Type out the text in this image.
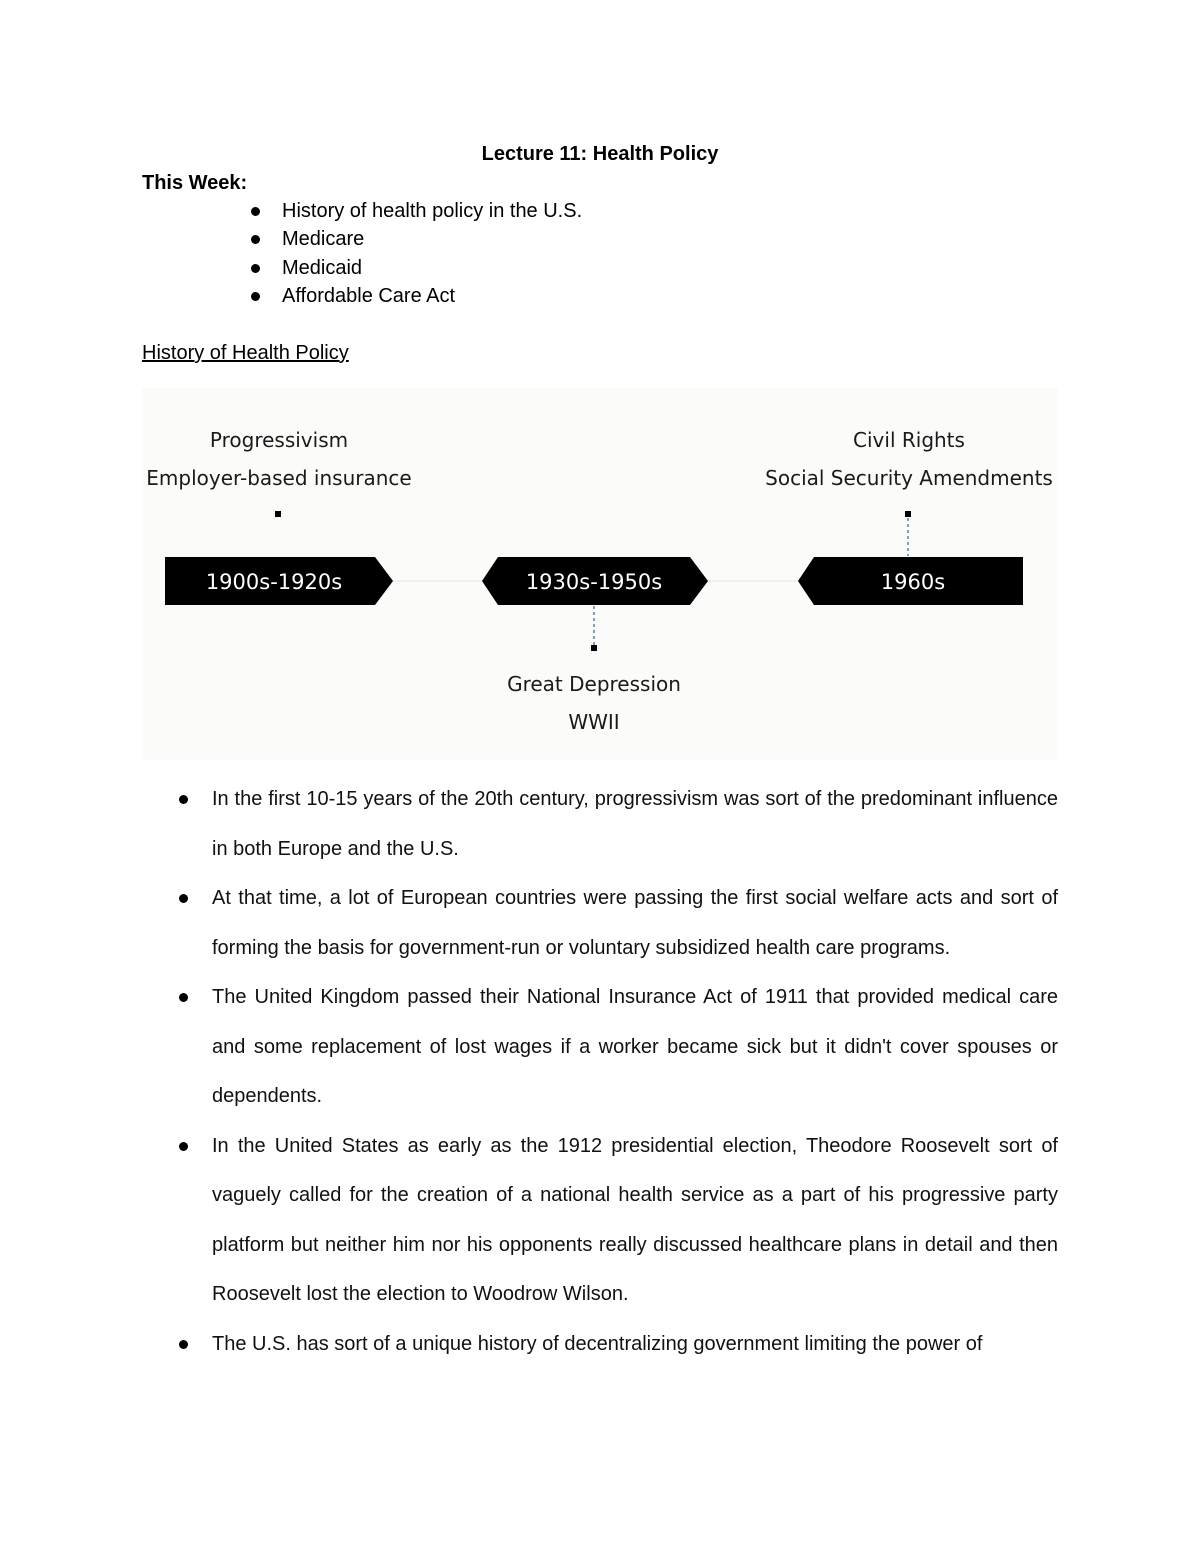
Lecture 11: Health Policy
This Week:
History of health policy in the U.S.
Medicare
Medicaid
Affordable Care Act
History of Health Policy
1900s-1920s	1930s-1950s	1960s
Progressivism
Employer-based insurance
Great Depression
WWII
Civil Rights
Social Security Amendments
In the first 10-15 years of the 20th century, progressivism was sort of the predominant influence in both Europe and the U.S.
At that time, a lot of European countries were passing the first social welfare acts and sort of forming the basis for government-run or voluntary subsidized health care programs.
The United Kingdom passed their National Insurance Act of 1911 that provided medical care and some replacement of lost wages if a worker became sick but it didn't cover spouses or dependents.
In the United States as early as the 1912 presidential election, Theodore Roosevelt sort of vaguely called for the creation of a national health service as a part of his progressive party platform but neither him nor his opponents really discussed healthcare plans in detail and then Roosevelt lost the election to Woodrow Wilson.
The U.S. has sort of a unique history of decentralizing government limiting the power of
